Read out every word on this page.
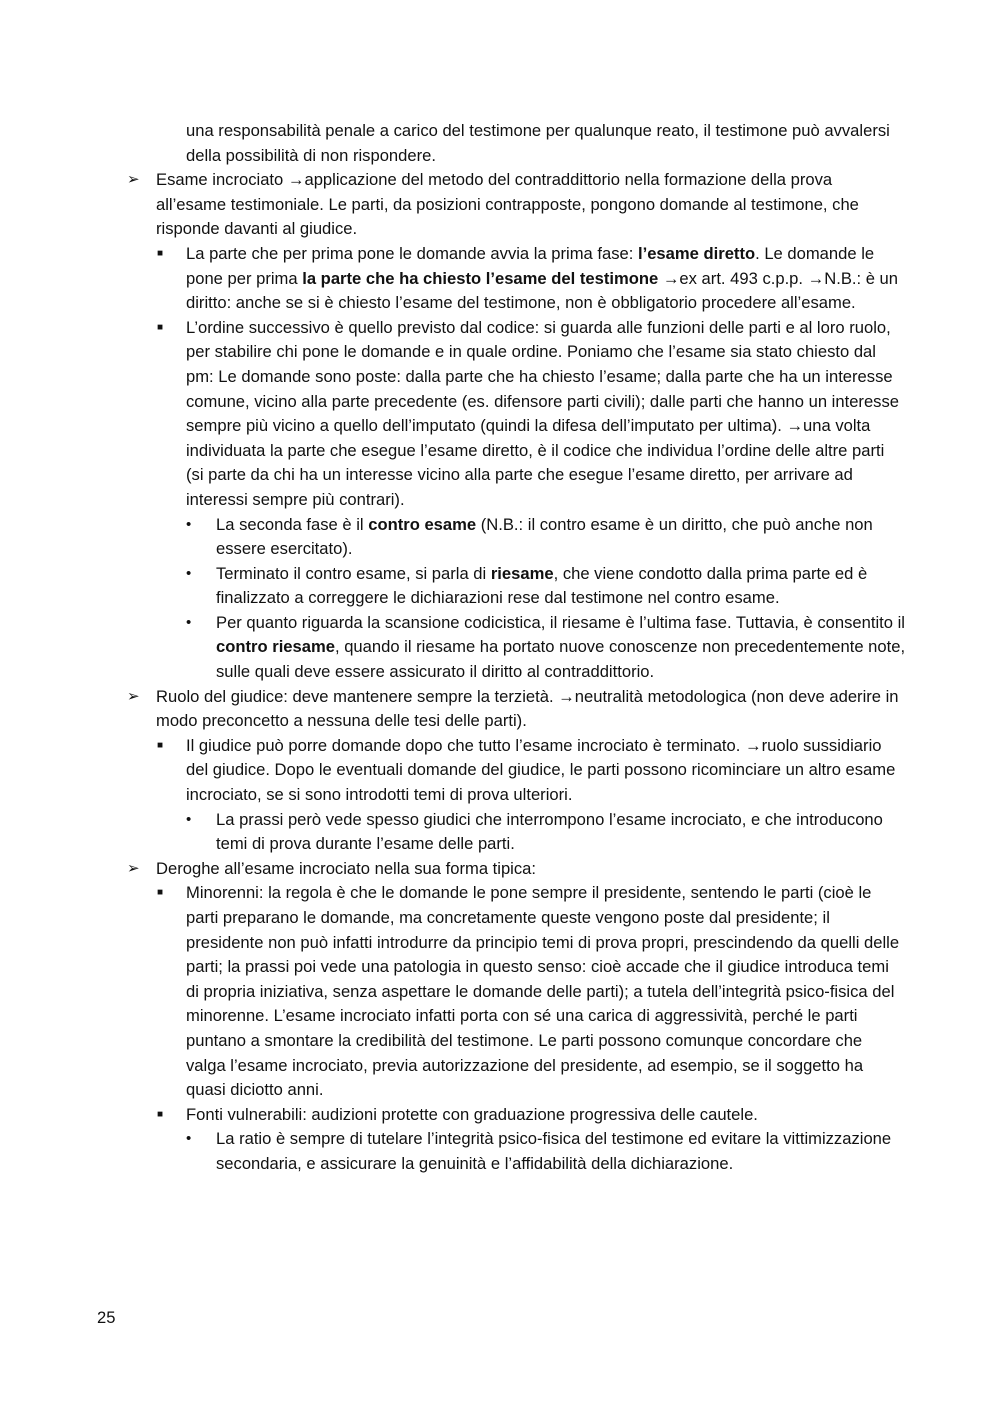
una responsabilità penale a carico del testimone per qualunque reato, il testimone può avvalersi della possibilità di non rispondere.
➢ Esame incrociato →applicazione del metodo del contraddittorio nella formazione della prova all’esame testimoniale. Le parti, da posizioni contrapposte, pongono domande al testimone, che risponde davanti al giudice.
■ La parte che per prima pone le domande avvia la prima fase: l’esame diretto. Le domande le pone per prima la parte che ha chiesto l’esame del testimone →ex art. 493 c.p.p. →N.B.: è un diritto: anche se si è chiesto l’esame del testimone, non è obbligatorio procedere all’esame.
■ L’ordine successivo è quello previsto dal codice: si guarda alle funzioni delle parti e al loro ruolo, per stabilire chi pone le domande e in quale ordine. Poniamo che l’esame sia stato chiesto dal pm: Le domande sono poste: dalla parte che ha chiesto l’esame; dalla parte che ha un interesse comune, vicino alla parte precedente (es. difensore parti civili); dalle parti che hanno un interesse sempre più vicino a quello dell’imputato (quindi la difesa dell’imputato per ultima). →una volta individuata la parte che esegue l’esame diretto, è il codice che individua l’ordine delle altre parti (si parte da chi ha un interesse vicino alla parte che esegue l’esame diretto, per arrivare ad interessi sempre più contrari).
• La seconda fase è il contro esame (N.B.: il contro esame è un diritto, che può anche non essere esercitato).
• Terminato il contro esame, si parla di riesame, che viene condotto dalla prima parte ed è finalizzato a correggere le dichiarazioni rese dal testimone nel contro esame.
• Per quanto riguarda la scansione codicistica, il riesame è l’ultima fase. Tuttavia, è consentito il contro riesame, quando il riesame ha portato nuove conoscenze non precedentemente note, sulle quali deve essere assicurato il diritto al contraddittorio.
➢ Ruolo del giudice: deve mantenere sempre la terzietà. →neutralità metodologica (non deve aderire in modo preconcetto a nessuna delle tesi delle parti).
■ Il giudice può porre domande dopo che tutto l’esame incrociato è terminato. →ruolo sussidiario del giudice. Dopo le eventuali domande del giudice, le parti possono ricominciare un altro esame incrociato, se si sono introdotti temi di prova ulteriori.
• La prassi però vede spesso giudici che interrompono l’esame incrociato, e che introducono temi di prova durante l’esame delle parti.
➢ Deroghe all’esame incrociato nella sua forma tipica:
■ Minorenni: la regola è che le domande le pone sempre il presidente, sentendo le parti (cioè le parti preparano le domande, ma concretamente queste vengono poste dal presidente; il presidente non può infatti introdurre da principio temi di prova propri, prescindendo da quelli delle parti; la prassi poi vede una patologia in questo senso: cioè accade che il giudice introduca temi di propria iniziativa, senza aspettare le domande delle parti); a tutela dell’integrità psico-fisica del minorenne. L’esame incrociato infatti porta con sé una carica di aggressività, perché le parti puntano a smontare la credibilità del testimone. Le parti possono comunque concordare che valga l’esame incrociato, previa autorizzazione del presidente, ad esempio, se il soggetto ha quasi diciotto anni.
■ Fonti vulnerabili: audizioni protette con graduazione progressiva delle cautele.
• La ratio è sempre di tutelare l’integrità psico-fisica del testimone ed evitare la vittimizzazione secondaria, e assicurare la genuinità e l’affidabilità della dichiarazione.
25
